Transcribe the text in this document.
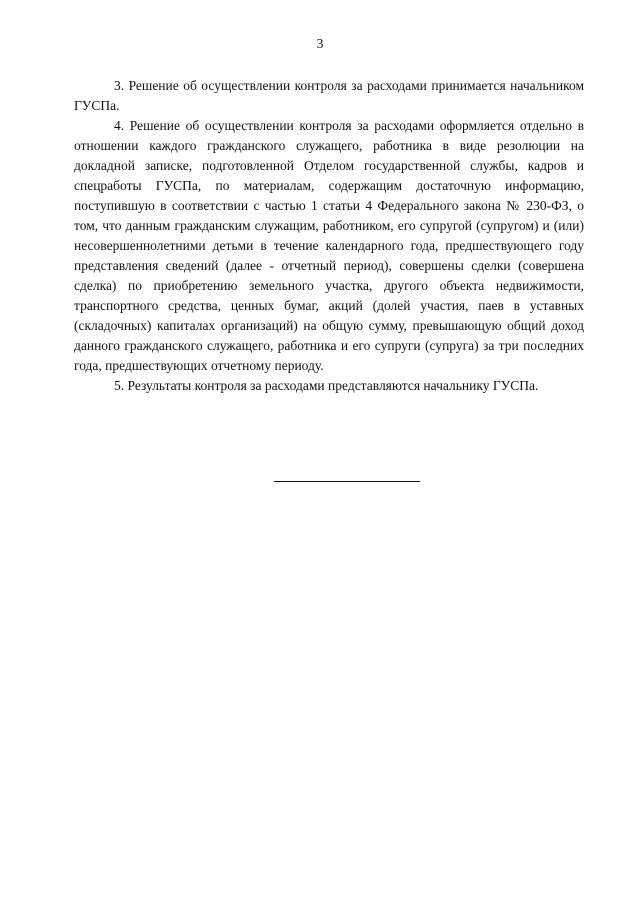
3

3. Решение об осуществлении контроля за расходами принимается начальником ГУСПа.

4. Решение об осуществлении контроля за расходами оформляется отдельно в отношении каждого гражданского служащего, работника в виде резолюции на докладной записке, подготовленной Отделом государственной службы, кадров и спецработы ГУСПа, по материалам, содержащим достаточную информацию, поступившую в соответствии с частью 1 статьи 4 Федерального закона № 230-ФЗ, о том, что данным гражданским служащим, работником, его супругой (супругом) и (или) несовершеннолетними детьми в течение календарного года, предшествующего году представления сведений (далее - отчетный период), совершены сделки (совершена сделка) по приобретению земельного участка, другого объекта недвижимости, транспортного средства, ценных бумаг, акций (долей участия, паев в уставных (складочных) капиталах организаций) на общую сумму, превышающую общий доход данного гражданского служащего, работника и его супруги (супруга) за три последних года, предшествующих отчетному периоду.

5. Результаты контроля за расходами представляются начальнику ГУСПа.
